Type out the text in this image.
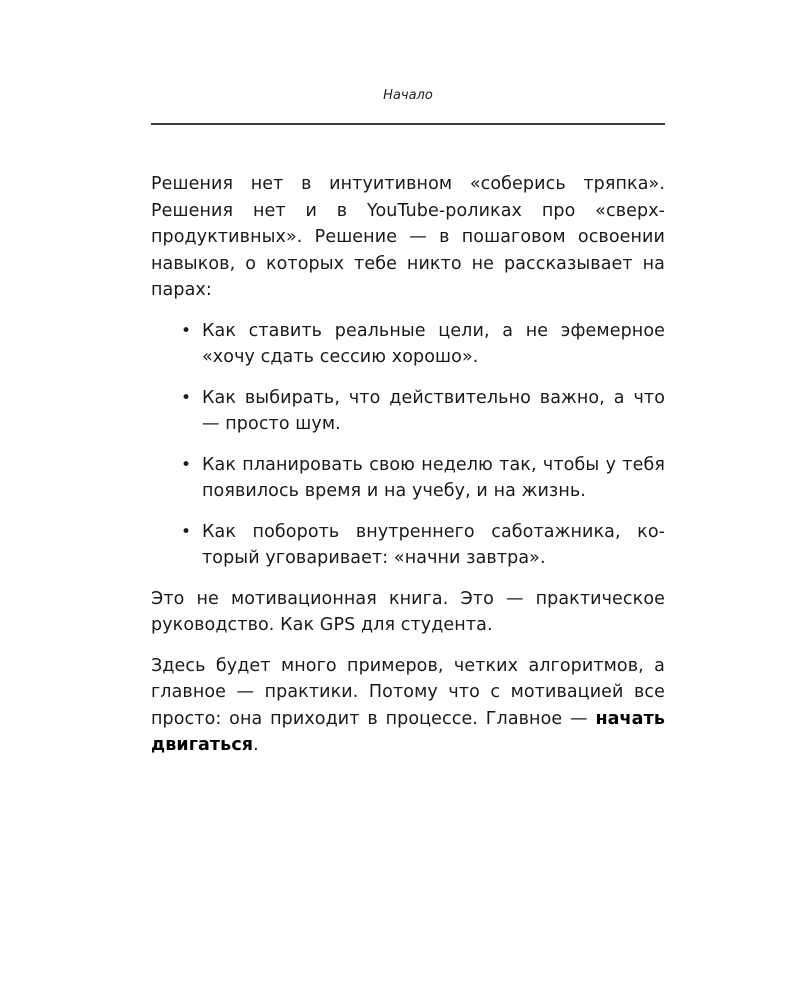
Начало

Решения нет в интуитивном «соберись тряпка». Решения нет и в YouTube-роликах про «сверхпродуктивных». Решение — в пошаговом освоении навыков, о которых тебе никто не рассказывает на парах:

• Как ставить реальные цели, а не эфемерное «хочу сдать сессию хорошо».
• Как выбирать, что действительно важно, а что — просто шум.
• Как планировать свою неделю так, чтобы у тебя появилось время и на учебу, и на жизнь.
• Как побороть внутреннего саботажника, который уговаривает: «начни завтра».

Это не мотивационная книга. Это — практическое руководство. Как GPS для студента.

Здесь будет много примеров, четких алгоритмов, а главное — практики. Потому что с мотивацией все просто: она приходит в процессе. Главное — начать двигаться.
